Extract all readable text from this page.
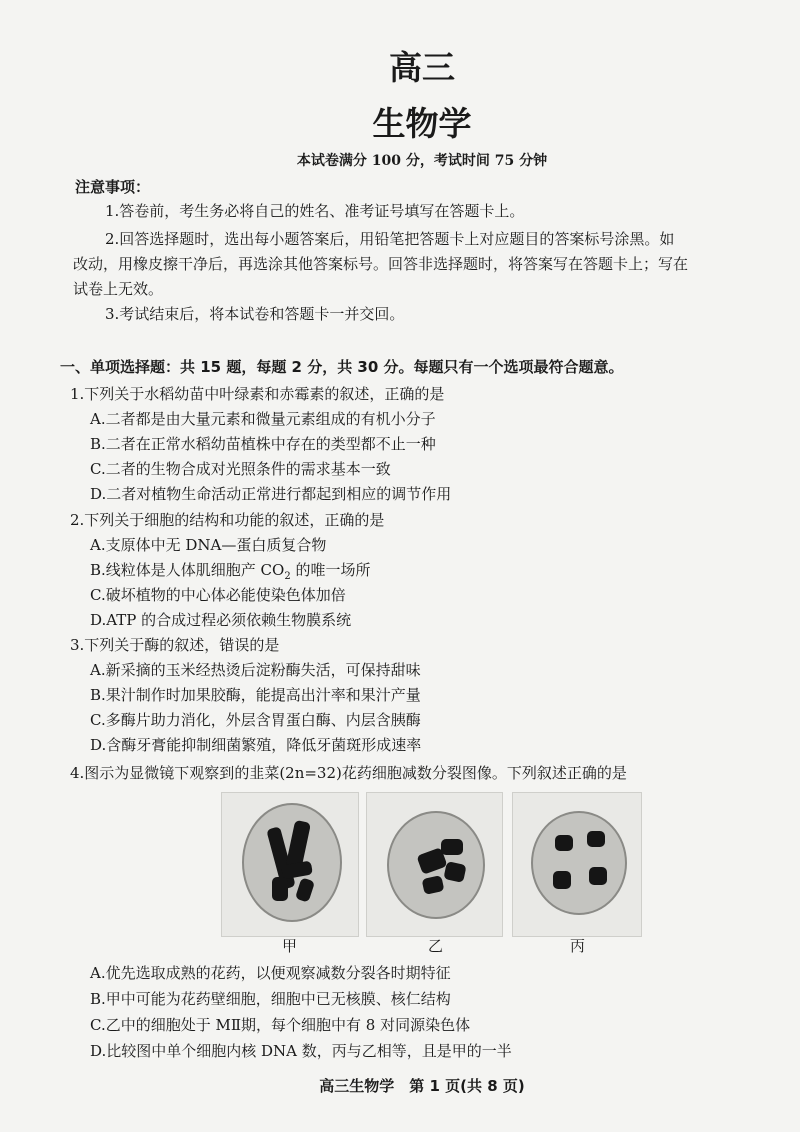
高三
生物学
本试卷满分 100 分，考试时间 75 分钟
注意事项：
1.答卷前，考生务必将自己的姓名、准考证号填写在答题卡上。
2.回答选择题时，选出每小题答案后，用铅笔把答题卡上对应题目的答案标号涂黑。如
改动，用橡皮擦干净后，再选涂其他答案标号。回答非选择题时，将答案写在答题卡上；写在
试卷上无效。
3.考试结束后，将本试卷和答题卡一并交回。
一、单项选择题：共 15 题，每题 2 分，共 30 分。每题只有一个选项最符合题意。
1.下列关于水稻幼苗中叶绿素和赤霉素的叙述，正确的是
A.二者都是由大量元素和微量元素组成的有机小分子
B.二者在正常水稻幼苗植株中存在的类型都不止一种
C.二者的生物合成对光照条件的需求基本一致
D.二者对植物生命活动正常进行都起到相应的调节作用
2.下列关于细胞的结构和功能的叙述，正确的是
A.支原体中无 DNA—蛋白质复合物
B.线粒体是人体肌细胞产 $CO_2$ 的唯一场所
C.破坏植物的中心体必能使染色体加倍
D.ATP 的合成过程必须依赖生物膜系统
3.下列关于酶的叙述，错误的是
A.新采摘的玉米经热烫后淀粉酶失活，可保持甜味
B.果汁制作时加果胶酶，能提高出汁率和果汁产量
C.多酶片助力消化，外层含胃蛋白酶、内层含胰酶
D.含酶牙膏能抑制细菌繁殖，降低牙菌斑形成速率
4.图示为显微镜下观察到的韭菜(2n=32)花药细胞减数分裂图像。下列叙述正确的是
甲	乙	丙
A.优先选取成熟的花药，以便观察减数分裂各时期特征
B.甲中可能为花药壁细胞，细胞中已无核膜、核仁结构
C.乙中的细胞处于 MⅡ期，每个细胞中有 8 对同源染色体
D.比较图中单个细胞内核 DNA 数，丙与乙相等，且是甲的一半
高三生物学　第 1 页(共 8 页)
